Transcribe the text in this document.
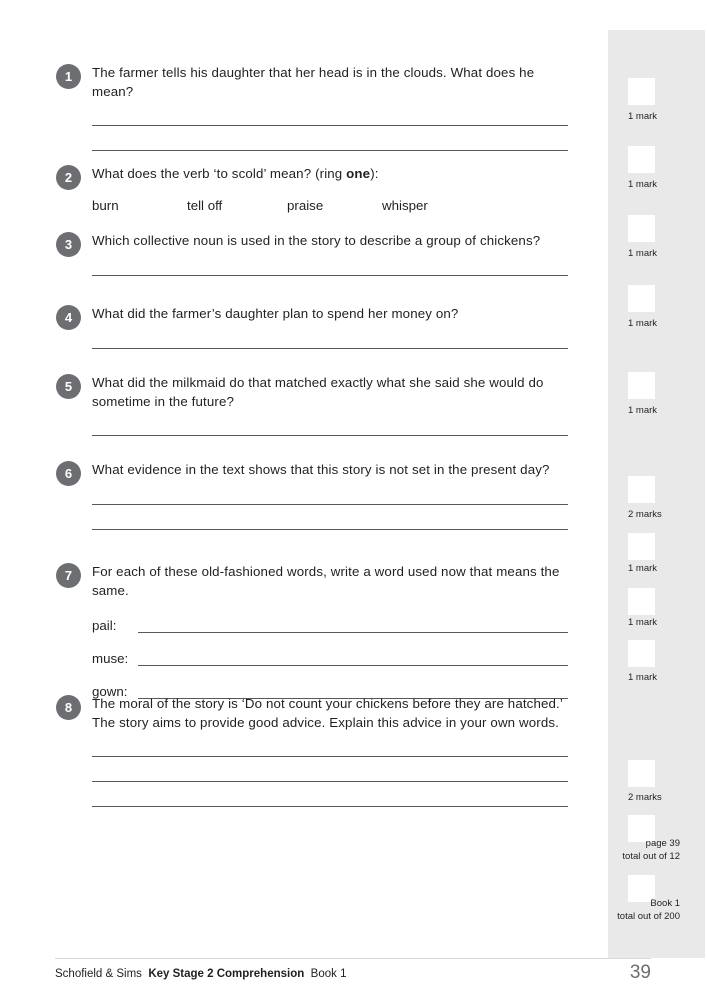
1	The farmer tells his daughter that her head is in the clouds. What does he mean?
2	What does the verb ‘to scold’ mean? (ring one):
burn	tell off	praise	whisper
3	Which collective noun is used in the story to describe a group of chickens?
4	What did the farmer’s daughter plan to spend her money on?
5	What did the milkmaid do that matched exactly what she said she would do sometime in the future?
6	What evidence in the text shows that this story is not set in the present day?
7	For each of these old-fashioned words, write a word used now that means the same.
pail:
muse:
gown:
8	The moral of the story is ‘Do not count your chickens before they are hatched.’ The story aims to provide good advice. Explain this advice in your own words.
1 mark
1 mark
1 mark
1 mark
1 mark
2 marks
1 mark
1 mark
1 mark
2 marks
page 39
total out of 12
Book 1
total out of 200
Schofield & Sims Key Stage 2 Comprehension Book 1	39
